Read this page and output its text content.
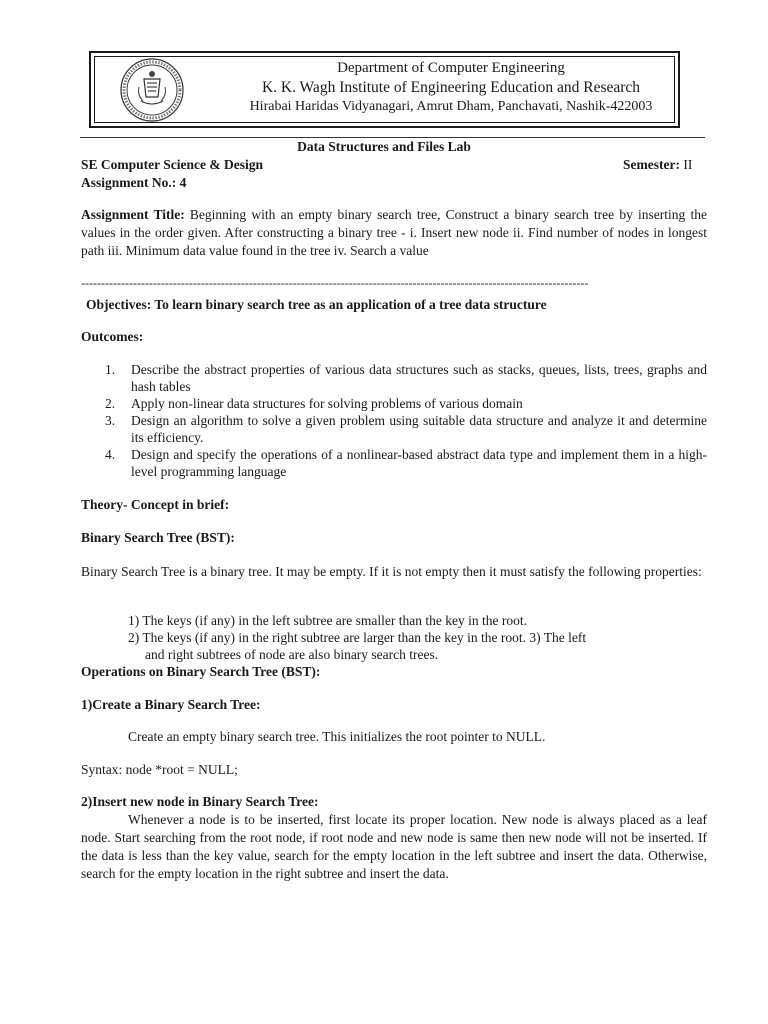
Department of Computer Engineering
K. K. Wagh Institute of Engineering Education and Research
Hirabai Haridas Vidyanagari, Amrut Dham, Panchavati, Nashik-422003
Data Structures and Files Lab
SE Computer Science & Design	Semester: II
Assignment No.: 4
Assignment Title: Beginning with an empty binary search tree, Construct a binary search tree by inserting the values in the order given. After constructing a binary tree - i. Insert new node ii. Find number of nodes in longest path iii. Minimum data value found in the tree iv. Search a value
-------------------------------------------------------------------------------------------------------------------------------
Objectives: To learn binary search tree as an application of a tree data structure
Outcomes:
1. Describe the abstract properties of various data structures such as stacks, queues, lists, trees, graphs and hash tables
2. Apply non-linear data structures for solving problems of various domain
3. Design an algorithm to solve a given problem using suitable data structure and analyze it and determine its efficiency.
4. Design and specify the operations of a nonlinear-based abstract data type and implement them in a high-level programming language
Theory- Concept in brief:
Binary Search Tree (BST):
Binary Search Tree is a binary tree. It may be empty. If it is not empty then it must satisfy the following properties:
1) The keys (if any) in the left subtree are smaller than the key in the root.
2) The keys (if any) in the right subtree are larger than the key in the root. 3) The left
and right subtrees of node are also binary search trees.
Operations on Binary Search Tree (BST):
1)Create a Binary Search Tree:
Create an empty binary search tree. This initializes the root pointer to NULL.
Syntax: node *root = NULL;
2)Insert new node in Binary Search Tree:
Whenever a node is to be inserted, first locate its proper location. New node is always placed as a leaf node. Start searching from the root node, if root node and new node is same then new node will not be inserted. If the data is less than the key value, search for the empty location in the left subtree and insert the data. Otherwise, search for the empty location in the right subtree and insert the data.
